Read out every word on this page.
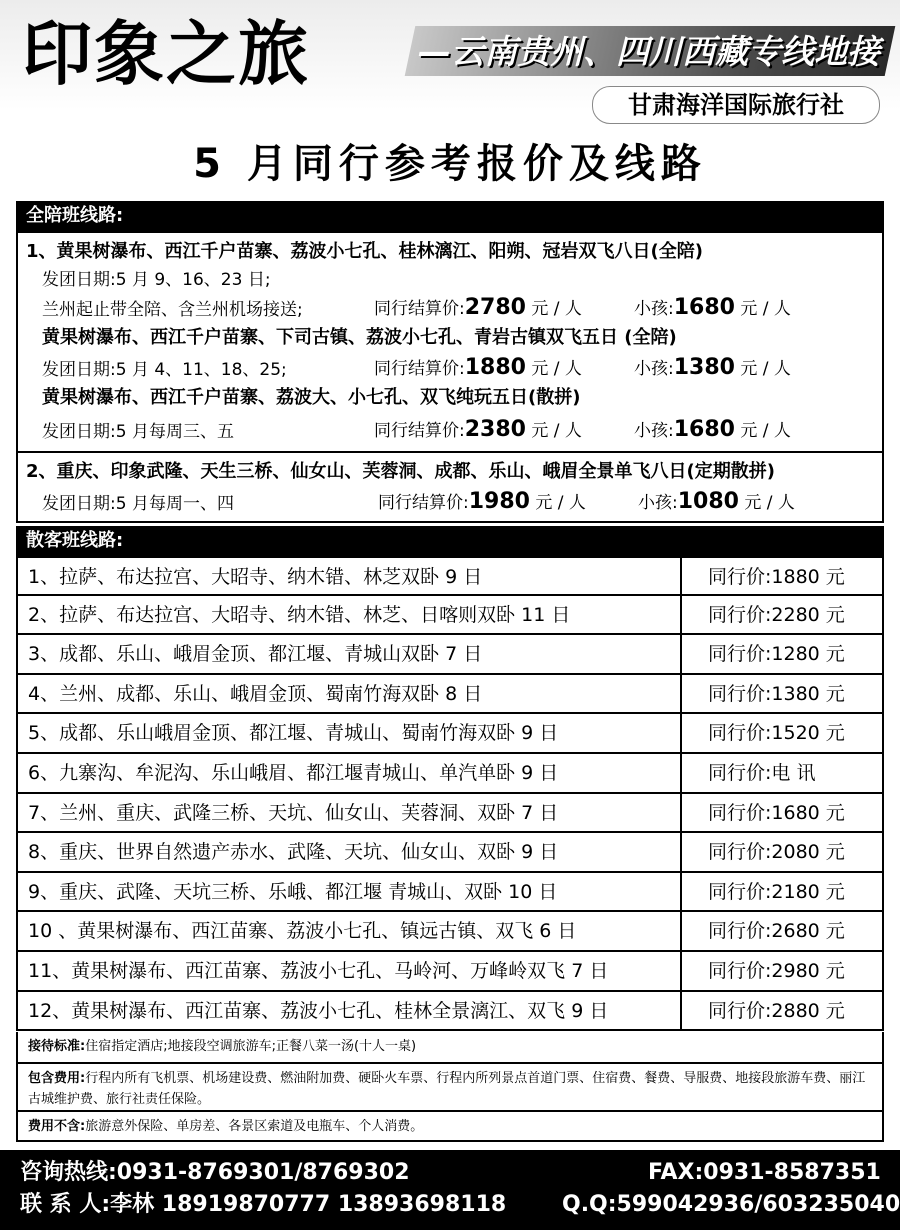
印象之旅	—云南贵州、四川西藏专线地接
甘肃海洋国际旅行社
5 月同行参考报价及线路
全陪班线路:
1、黄果树瀑布、西江千户苗寨、荔波小七孔、桂林漓江、阳朔、冠岩双飞八日(全陪)
发团日期:5 月 9、16、23 日;
兰州起止带全陪、含兰州机场接送;	同行结算价:2780 元 / 人	小孩:1680 元 / 人
黄果树瀑布、西江千户苗寨、下司古镇、荔波小七孔、青岩古镇双飞五日 (全陪)
发团日期:5 月 4、11、18、25;	同行结算价:1880 元 / 人	小孩:1380 元 / 人
黄果树瀑布、西江千户苗寨、荔波大、小七孔、双飞纯玩五日(散拼)
发团日期:5 月每周三、五	同行结算价:2380 元 / 人	小孩:1680 元 / 人
2、重庆、印象武隆、天生三桥、仙女山、芙蓉洞、成都、乐山、峨眉全景单飞八日(定期散拼)
发团日期:5 月每周一、四	同行结算价:1980 元 / 人	小孩:1080 元 / 人
散客班线路:
1、拉萨、布达拉宫、大昭寺、纳木错、林芝双卧 9 日	同行价:1880 元
2、拉萨、布达拉宫、大昭寺、纳木错、林芝、日喀则双卧 11 日	同行价:2280 元
3、成都、乐山、峨眉金顶、都江堰、青城山双卧 7 日	同行价:1280 元
4、兰州、成都、乐山、峨眉金顶、蜀南竹海双卧 8 日	同行价:1380 元
5、成都、乐山峨眉金顶、都江堰、青城山、蜀南竹海双卧 9 日	同行价:1520 元
6、九寨沟、牟泥沟、乐山峨眉、都江堰青城山、单汽单卧 9 日	同行价:电 讯
7、兰州、重庆、武隆三桥、天坑、仙女山、芙蓉洞、双卧 7 日	同行价:1680 元
8、重庆、世界自然遗产赤水、武隆、天坑、仙女山、双卧 9 日	同行价:2080 元
9、重庆、武隆、天坑三桥、乐峨、都江堰 青城山、双卧 10 日	同行价:2180 元
10 、黄果树瀑布、西江苗寨、荔波小七孔、镇远古镇、双飞 6 日	同行价:2680 元
11、黄果树瀑布、西江苗寨、荔波小七孔、马岭河、万峰岭双飞 7 日	同行价:2980 元
12、黄果树瀑布、西江苗寨、荔波小七孔、桂林全景漓江、双飞 9 日	同行价:2880 元
接待标准:住宿指定酒店;地接段空调旅游车;正餐八菜一汤(十人一桌)
包含费用:行程内所有飞机票、机场建设费、燃油附加费、硬卧火车票、行程内所列景点首道门票、住宿费、餐费、导服费、地接段旅游车费、丽江古城维护费、旅行社责任保险。
费用不含:旅游意外保险、单房差、各景区索道及电瓶车、个人消费。
咨询热线:0931-8769301/8769302	FAX:0931-8587351
联 系 人:李林 18919870777 13893698118	Q.Q:599042936/603235040
